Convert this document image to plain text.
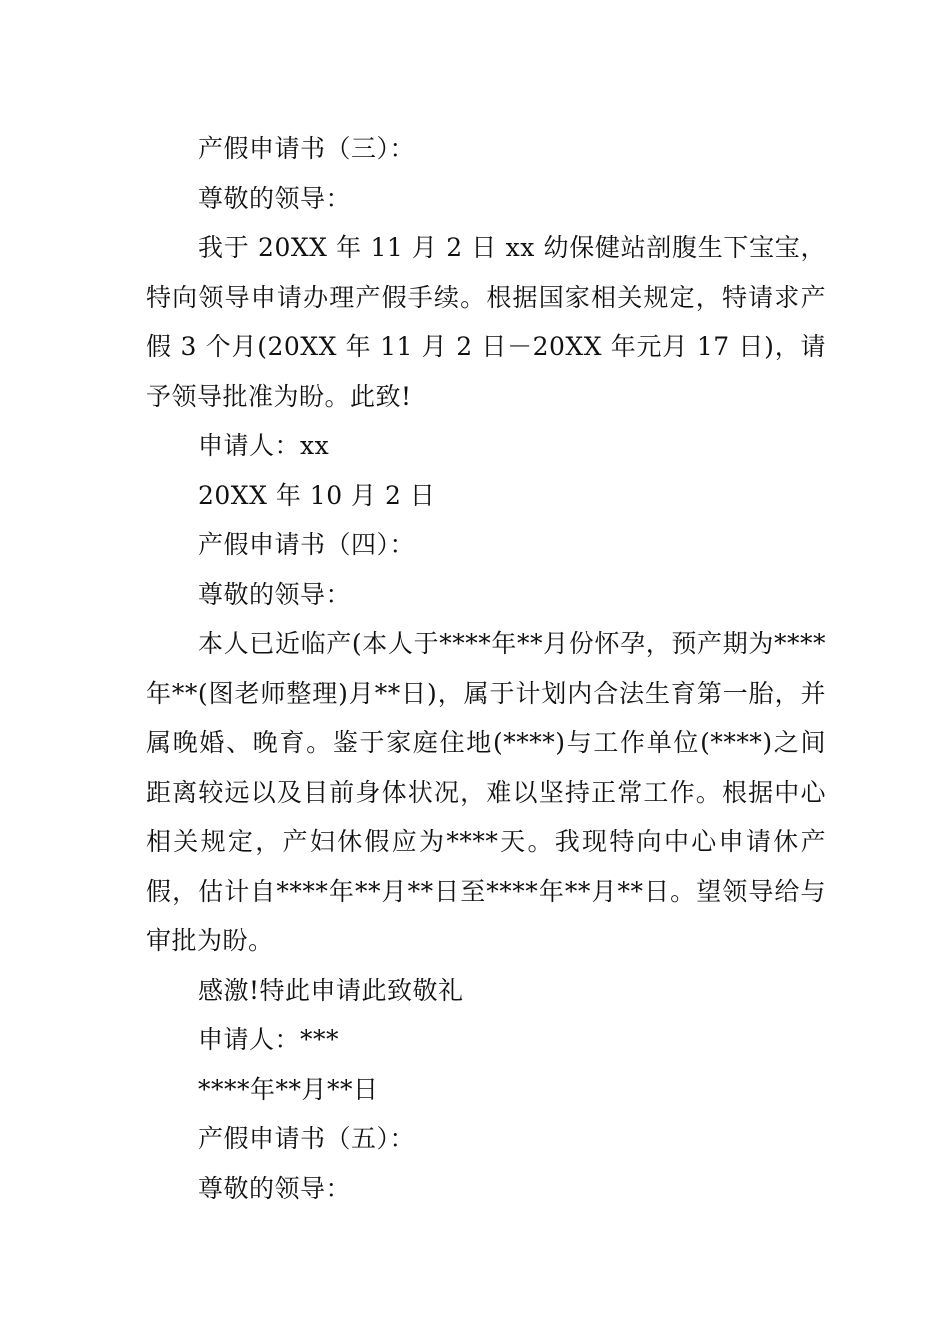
产假申请书（三）：

尊敬的领导：

我于 20XX 年 11 月 2 日 xx 幼保健站剖腹生下宝宝，特向领导申请办理产假手续。根据国家相关规定，特请求产假 3 个月(20XX 年 11 月 2 日－20XX 年元月 17 日)，请予领导批准为盼。此致!

申请人：xx

20XX 年 10 月 2 日

产假申请书（四）：

尊敬的领导：

本人已近临产(本人于****年**月份怀孕，预产期为****年**(图老师整理)月**日)，属于计划内合法生育第一胎，并属晚婚、晚育。鉴于家庭住地(****)与工作单位(****)之间距离较远以及目前身体状况，难以坚持正常工作。根据中心相关规定，产妇休假应为****天。我现特向中心申请休产假，估计自****年**月**日至****年**月**日。望领导给与审批为盼。

感激!特此申请此致敬礼

申请人：***

****年**月**日

产假申请书（五）：

尊敬的领导：
